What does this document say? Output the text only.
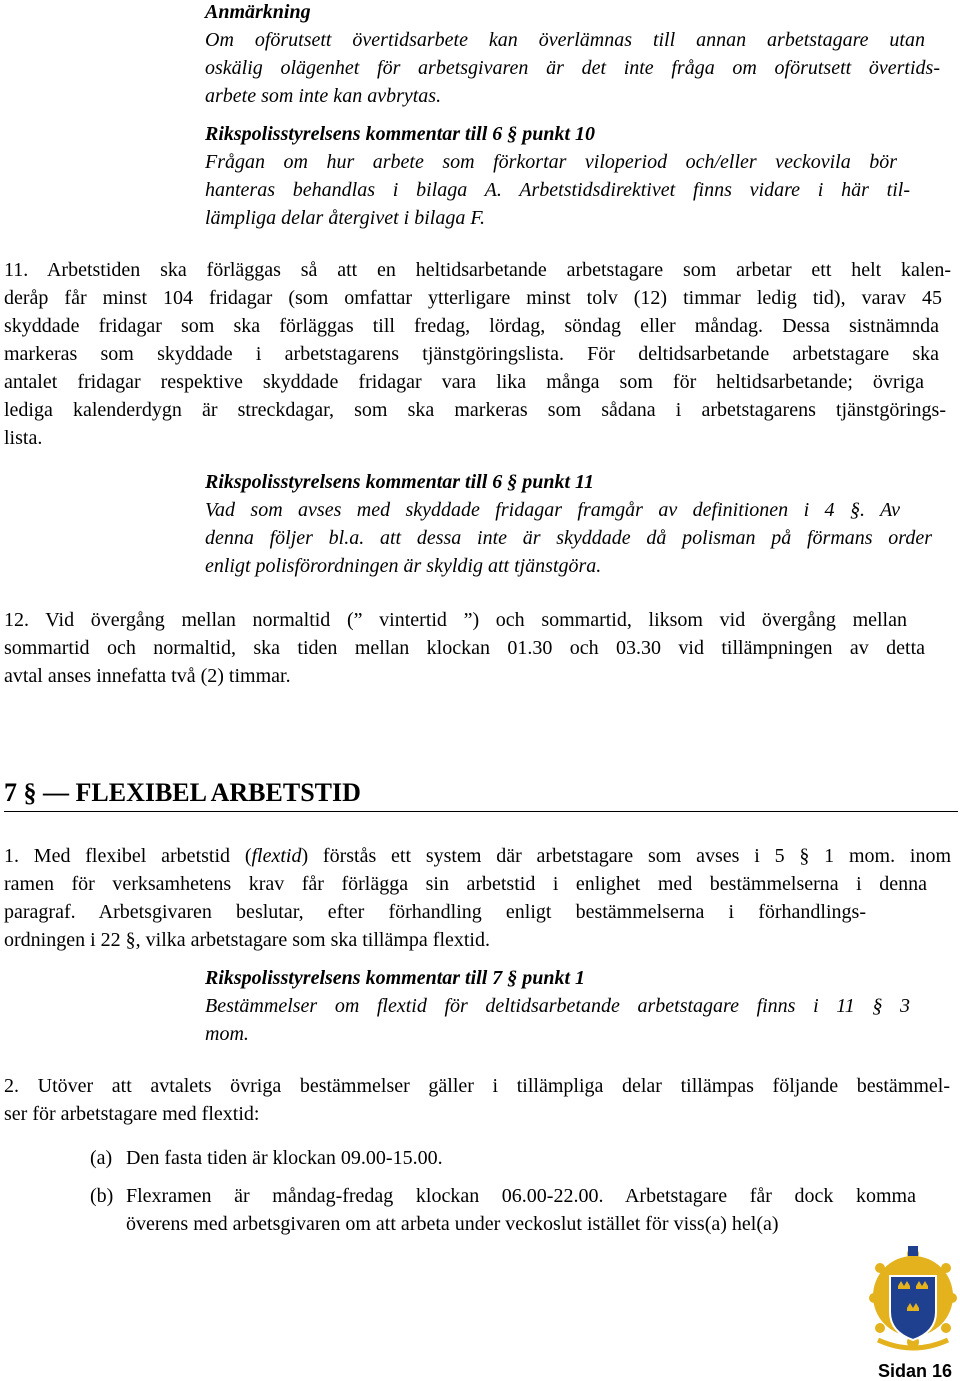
Anmärkning
Om oförutsett övertidsarbete kan överlämnas till annan arbetstagare utan
oskälig olägenhet för arbetsgivaren är det inte fråga om oförutsett övertids-
arbete som inte kan avbrytas.
Rikspolisstyrelsens kommentar till 6 § punkt 10
Frågan om hur arbete som förkortar viloperiod och/eller veckovila bör
hanteras behandlas i bilaga A. Arbetstidsdirektivet finns vidare i här til-
lämpliga delar återgivet i bilaga F.
11. Arbetstiden ska förläggas så att en heltidsarbetande arbetstagare som arbetar ett helt kalen-
deråр får minst 104 fridagar (som omfattar ytterligare minst tolv (12) timmar ledig tid), varav 45
skyddade fridagar som ska förläggas till fredag, lördag, söndag eller måndag. Dessa sistnämnda
markeras som skyddade i arbetstagarens tjänstgöringslista. För deltidsarbetande arbetstagare ska
antalet fridagar respektive skyddade fridagar vara lika många som för heltidsarbetande; övriga
lediga kalenderdygn är streckdagar, som ska markeras som sådana i arbetstagarens tjänstgörings-
lista.
Rikspolisstyrelsens kommentar till 6 § punkt 11
Vad som avses med skyddade fridagar framgår av definitionen i 4 §. Av
denna följer bl.a. att dessa inte är skyddade då polisman på förmans order
enligt polisförordningen är skyldig att tjänstgöra.
12. Vid övergång mellan normaltid (” vintertid ”) och sommartid, liksom vid övergång mellan
sommartid och normaltid, ska tiden mellan klockan 01.30 och 03.30 vid tillämpningen av detta
avtal anses innefatta två (2) timmar.
7 § — FLEXIBEL ARBETSTID
1. Med flexibel arbetstid (flextid) förstås ett system där arbetstagare som avses i 5 § 1 mom. inom
ramen för verksamhetens krav får förlägga sin arbetstid i enlighet med bestämmelserna i denna
paragraf. Arbetsgivaren beslutar, efter förhandling enligt bestämmelserna i förhandlings-
ordningen i 22 §, vilka arbetstagare som ska tillämpa flextid.
Rikspolisstyrelsens kommentar till 7 § punkt 1
Bestämmelser om flextid för deltidsarbetande arbetstagare finns i 11 § 3
mom.
2. Utöver att avtalets övriga bestämmelser gäller i tillämpliga delar tillämpas följande bestämmel-
ser för arbetstagare med flextid:
(a) Den fasta tiden är klockan 09.00-15.00.
(b) Flexramen är måndag-fredag klockan 06.00-22.00. Arbetstagare får dock komma
överens med arbetsgivaren om att arbeta under veckoslut istället för viss(a) hel(a)
Sidan 16
